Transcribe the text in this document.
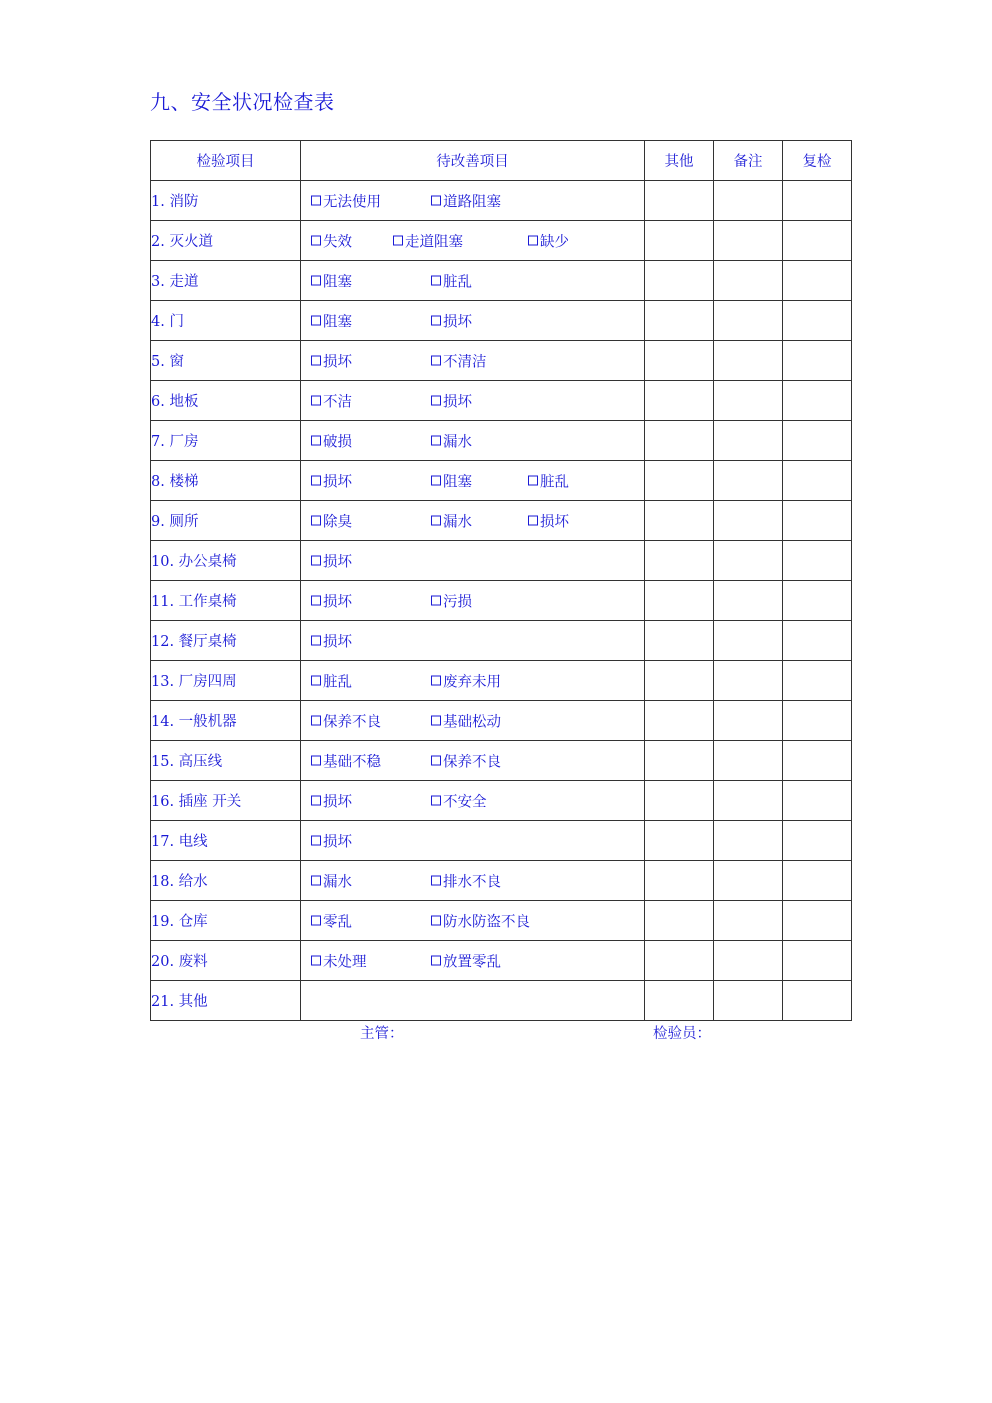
九、安全状况检查表
检验项目	待改善项目	其他	备注	复检
1. 消防	无法使用 道路阻塞			

2. 灭火道	失效 走道阻塞 缺少			

3. 走道	阻塞 脏乱			

4. 门	阻塞 损坏			

5. 窗	损坏 不清洁			

6. 地板	不洁 损坏			

7. 厂房	破损 漏水			

8. 楼梯	损坏 阻塞 脏乱			

9. 厕所	除臭 漏水 损坏			

10. 办公桌椅	损坏			

11. 工作桌椅	损坏 污损			

12. 餐厅桌椅	损坏			

13. 厂房四周	脏乱 废弃未用			

14. 一般机器	保养不良 基础松动			

15. 高压线	基础不稳 保养不良			

16. 插座 开关	损坏 不安全			

17. 电线	损坏			

18. 给水	漏水 排水不良			

19. 仓库	零乱 防水防盗不良			

20. 废料	未处理 放置零乱			

21. 其他				
主管：	检验员：
